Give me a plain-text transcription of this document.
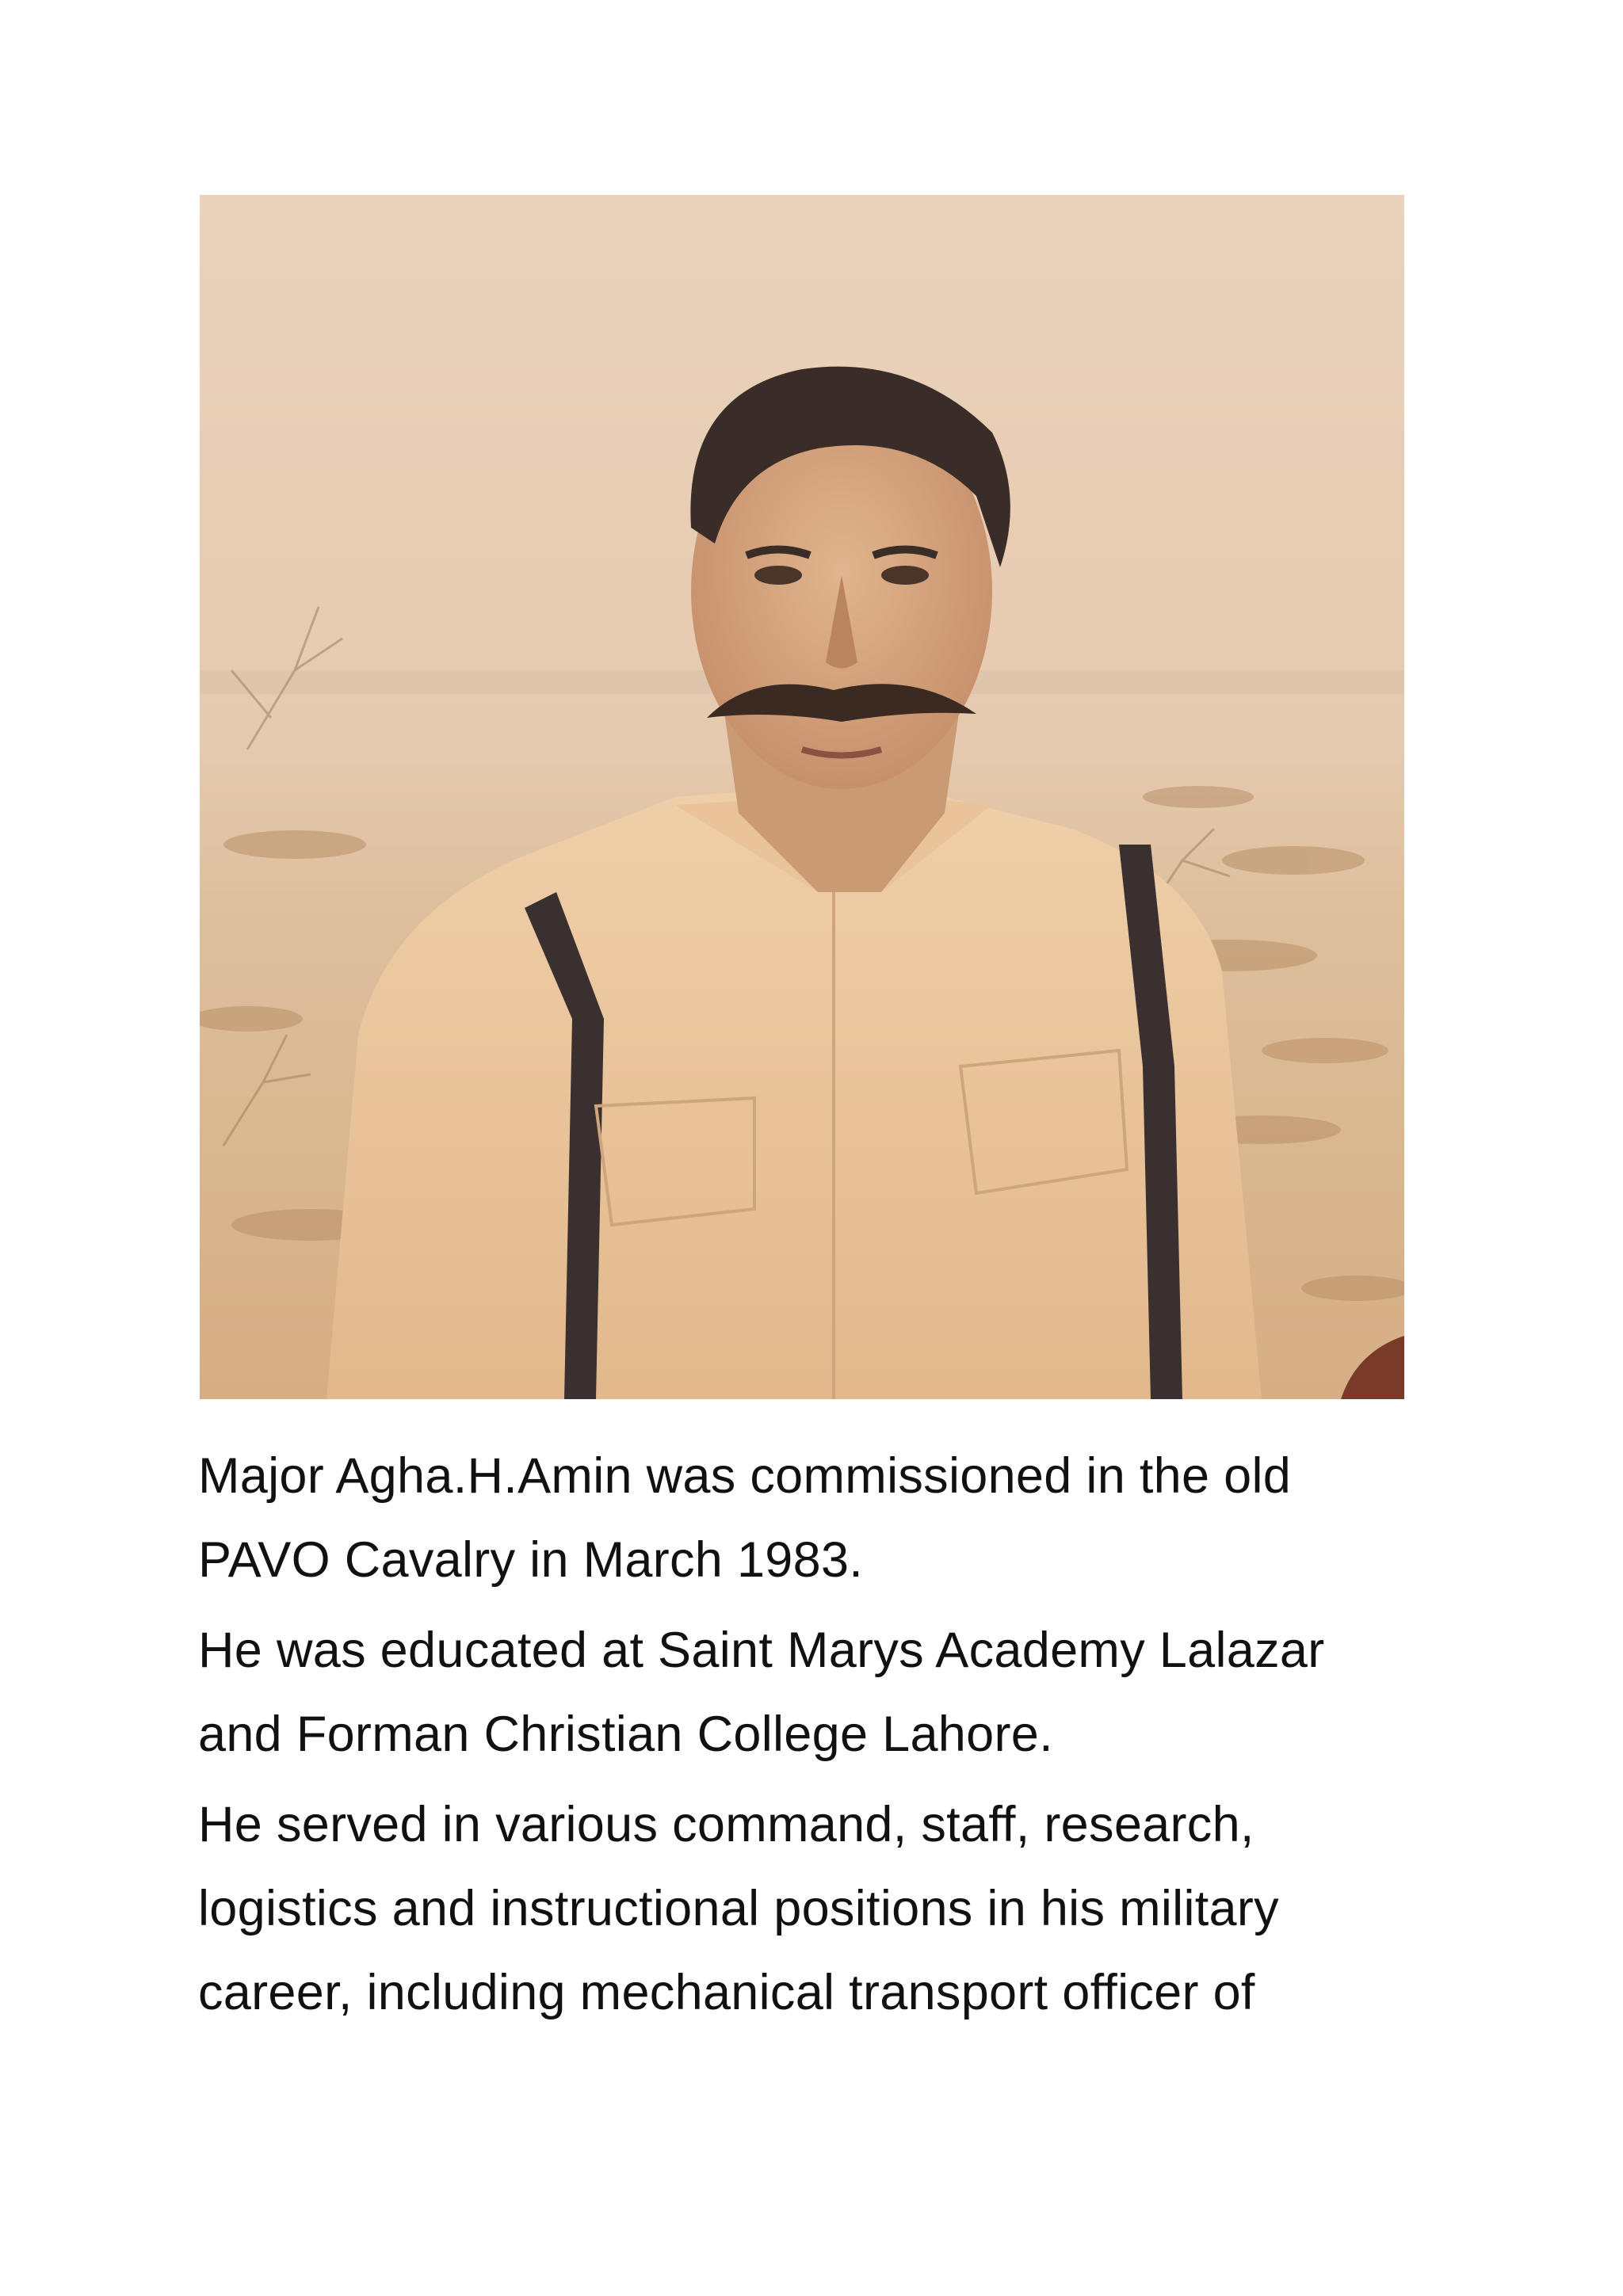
Major Agha.H.Amin was commissioned in the old
PAVO Cavalry in March 1983.

He was educated at Saint Marys Academy Lalazar
and Forman Christian College Lahore.

He served in various command, staff, research,
logistics and instructional positions in his military
career, including mechanical transport officer of
